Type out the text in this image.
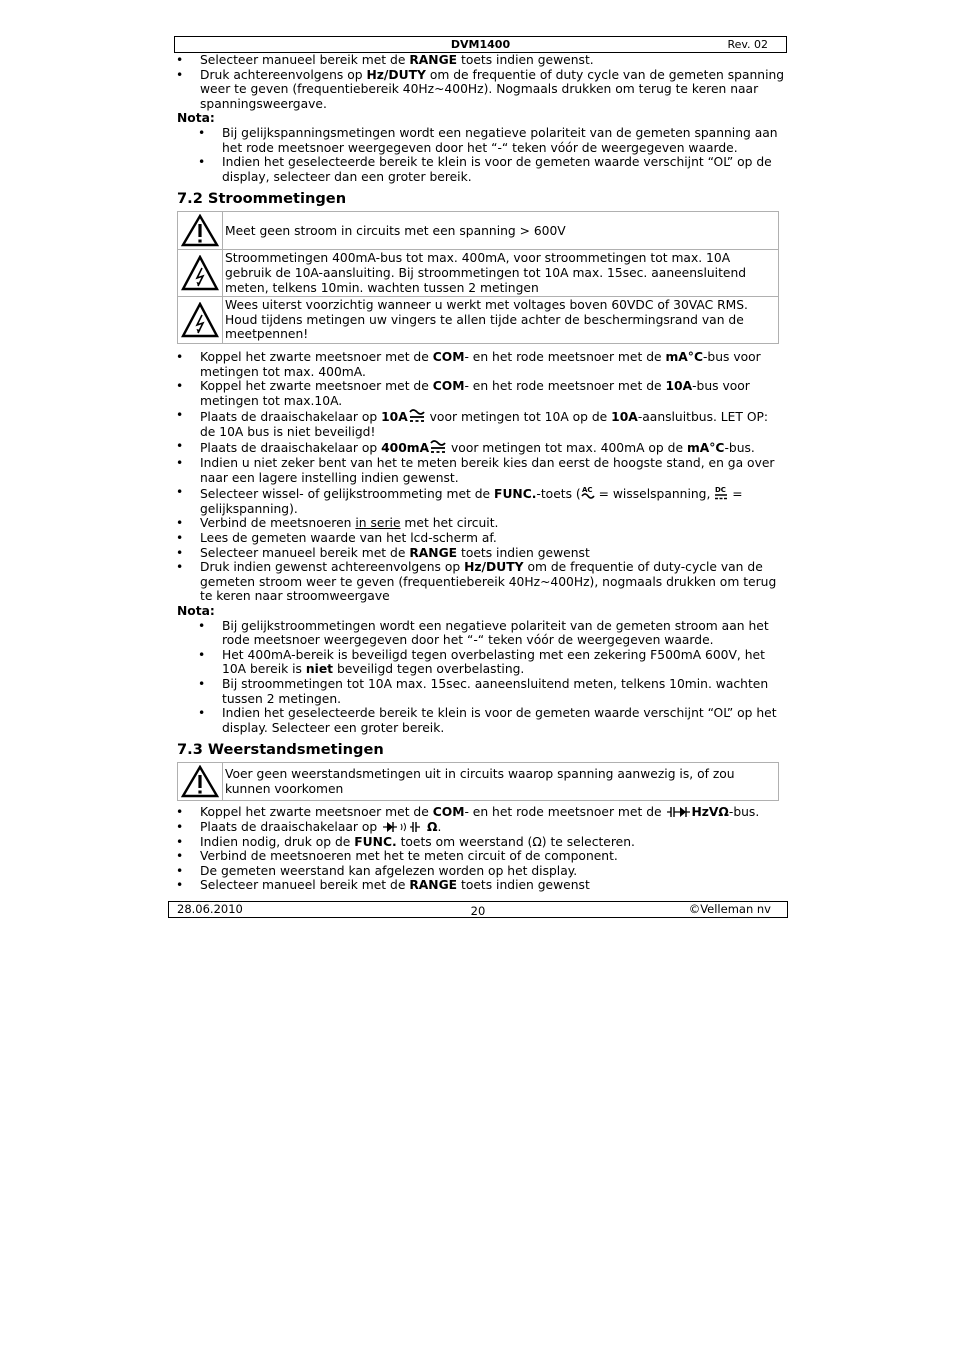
DVM1400	Rev. 02
• Selecteer manueel bereik met de RANGE toets indien gewenst.
• Druk achtereenvolgens op Hz/DUTY om de frequentie of duty cycle van de gemeten spanning weer te geven (frequentiebereik 40Hz~400Hz). Nogmaals drukken om terug te keren naar spanningsweergave.
Nota:
• Bij gelijkspanningsmetingen wordt een negatieve polariteit van de gemeten spanning aan het rode meetsnoer weergegeven door het “-“ teken vóór de weergegeven waarde.
• Indien het geselecteerde bereik te klein is voor de gemeten waarde verschijnt “OL” op de display, selecteer dan een groter bereik.
7.2 Stroommetingen
	Meet geen stroom in circuits met een spanning > 600V

	Stroommetingen 400mA-bus tot max. 400mA, voor stroommetingen tot max. 10A gebruik de 10A-aansluiting. Bij stroommetingen tot 10A max. 15sec. aaneensluitend meten, telkens 10min. wachten tussen 2 metingen

	Wees uiterst voorzichtig wanneer u werkt met voltages boven 60VDC of 30VAC RMS. Houd tijdens metingen uw vingers te allen tijde achter de beschermingsrand van de meetpennen!
• Koppel het zwarte meetsnoer met de COM- en het rode meetsnoer met de mA°C-bus voor metingen tot max. 400mA.
• Koppel het zwarte meetsnoer met de COM- en het rode meetsnoer met de 10A-bus voor metingen tot max.10A.
• Plaats de draaischakelaar op 10A voor metingen tot 10A op de 10A-aansluitbus. LET OP: de 10A bus is niet beveiligd!
• Plaats de draaischakelaar op 400mA voor metingen tot max. 400mA op de mA°C-bus.
• Indien u niet zeker bent van het te meten bereik kies dan eerst de hoogste stand, en ga over naar een lagere instelling indien gewenst.
• Selecteer wissel- of gelijkstroommeting met de FUNC.-toets ( AC = wisselspanning, DC = gelijkspanning).
• Verbind de meetsnoeren in serie met het circuit.
• Lees de gemeten waarde van het lcd-scherm af.
• Selecteer manueel bereik met de RANGE toets indien gewenst
• Druk indien gewenst achtereenvolgens op Hz/DUTY om de frequentie of duty-cycle van de gemeten stroom weer te geven (frequentiebereik 40Hz~400Hz), nogmaals drukken om terug te keren naar stroomweergave
Nota:
• Bij gelijkstroommetingen wordt een negatieve polariteit van de gemeten stroom aan het rode meetsnoer weergegeven door het “-“ teken vóór de weergegeven waarde.
• Het 400mA-bereik is beveiligd tegen overbelasting met een zekering F500mA 600V, het 10A bereik is niet beveiligd tegen overbelasting.
• Bij stroommetingen tot 10A max. 15sec. aaneensluitend meten, telkens 10min. wachten tussen 2 metingen.
• Indien het geselecteerde bereik te klein is voor de gemeten waarde verschijnt “OL” op het display. Selecteer een groter bereik.
7.3 Weerstandsmetingen
	Voer geen weerstandsmetingen uit in circuits waarop spanning aanwezig is, of zou kunnen voorkomen
• Koppel het zwarte meetsnoer met de COM- en het rode meetsnoer met de HzVΩ-bus.
• Plaats de draaischakelaar op	Ω.
• Indien nodig, druk op de FUNC. toets om weerstand (Ω) te selecteren.
• Verbind de meetsnoeren met het te meten circuit of de component.
• De gemeten weerstand kan afgelezen worden op het display.
• Selecteer manueel bereik met de RANGE toets indien gewenst
28.06.2010	20	©Velleman nv
